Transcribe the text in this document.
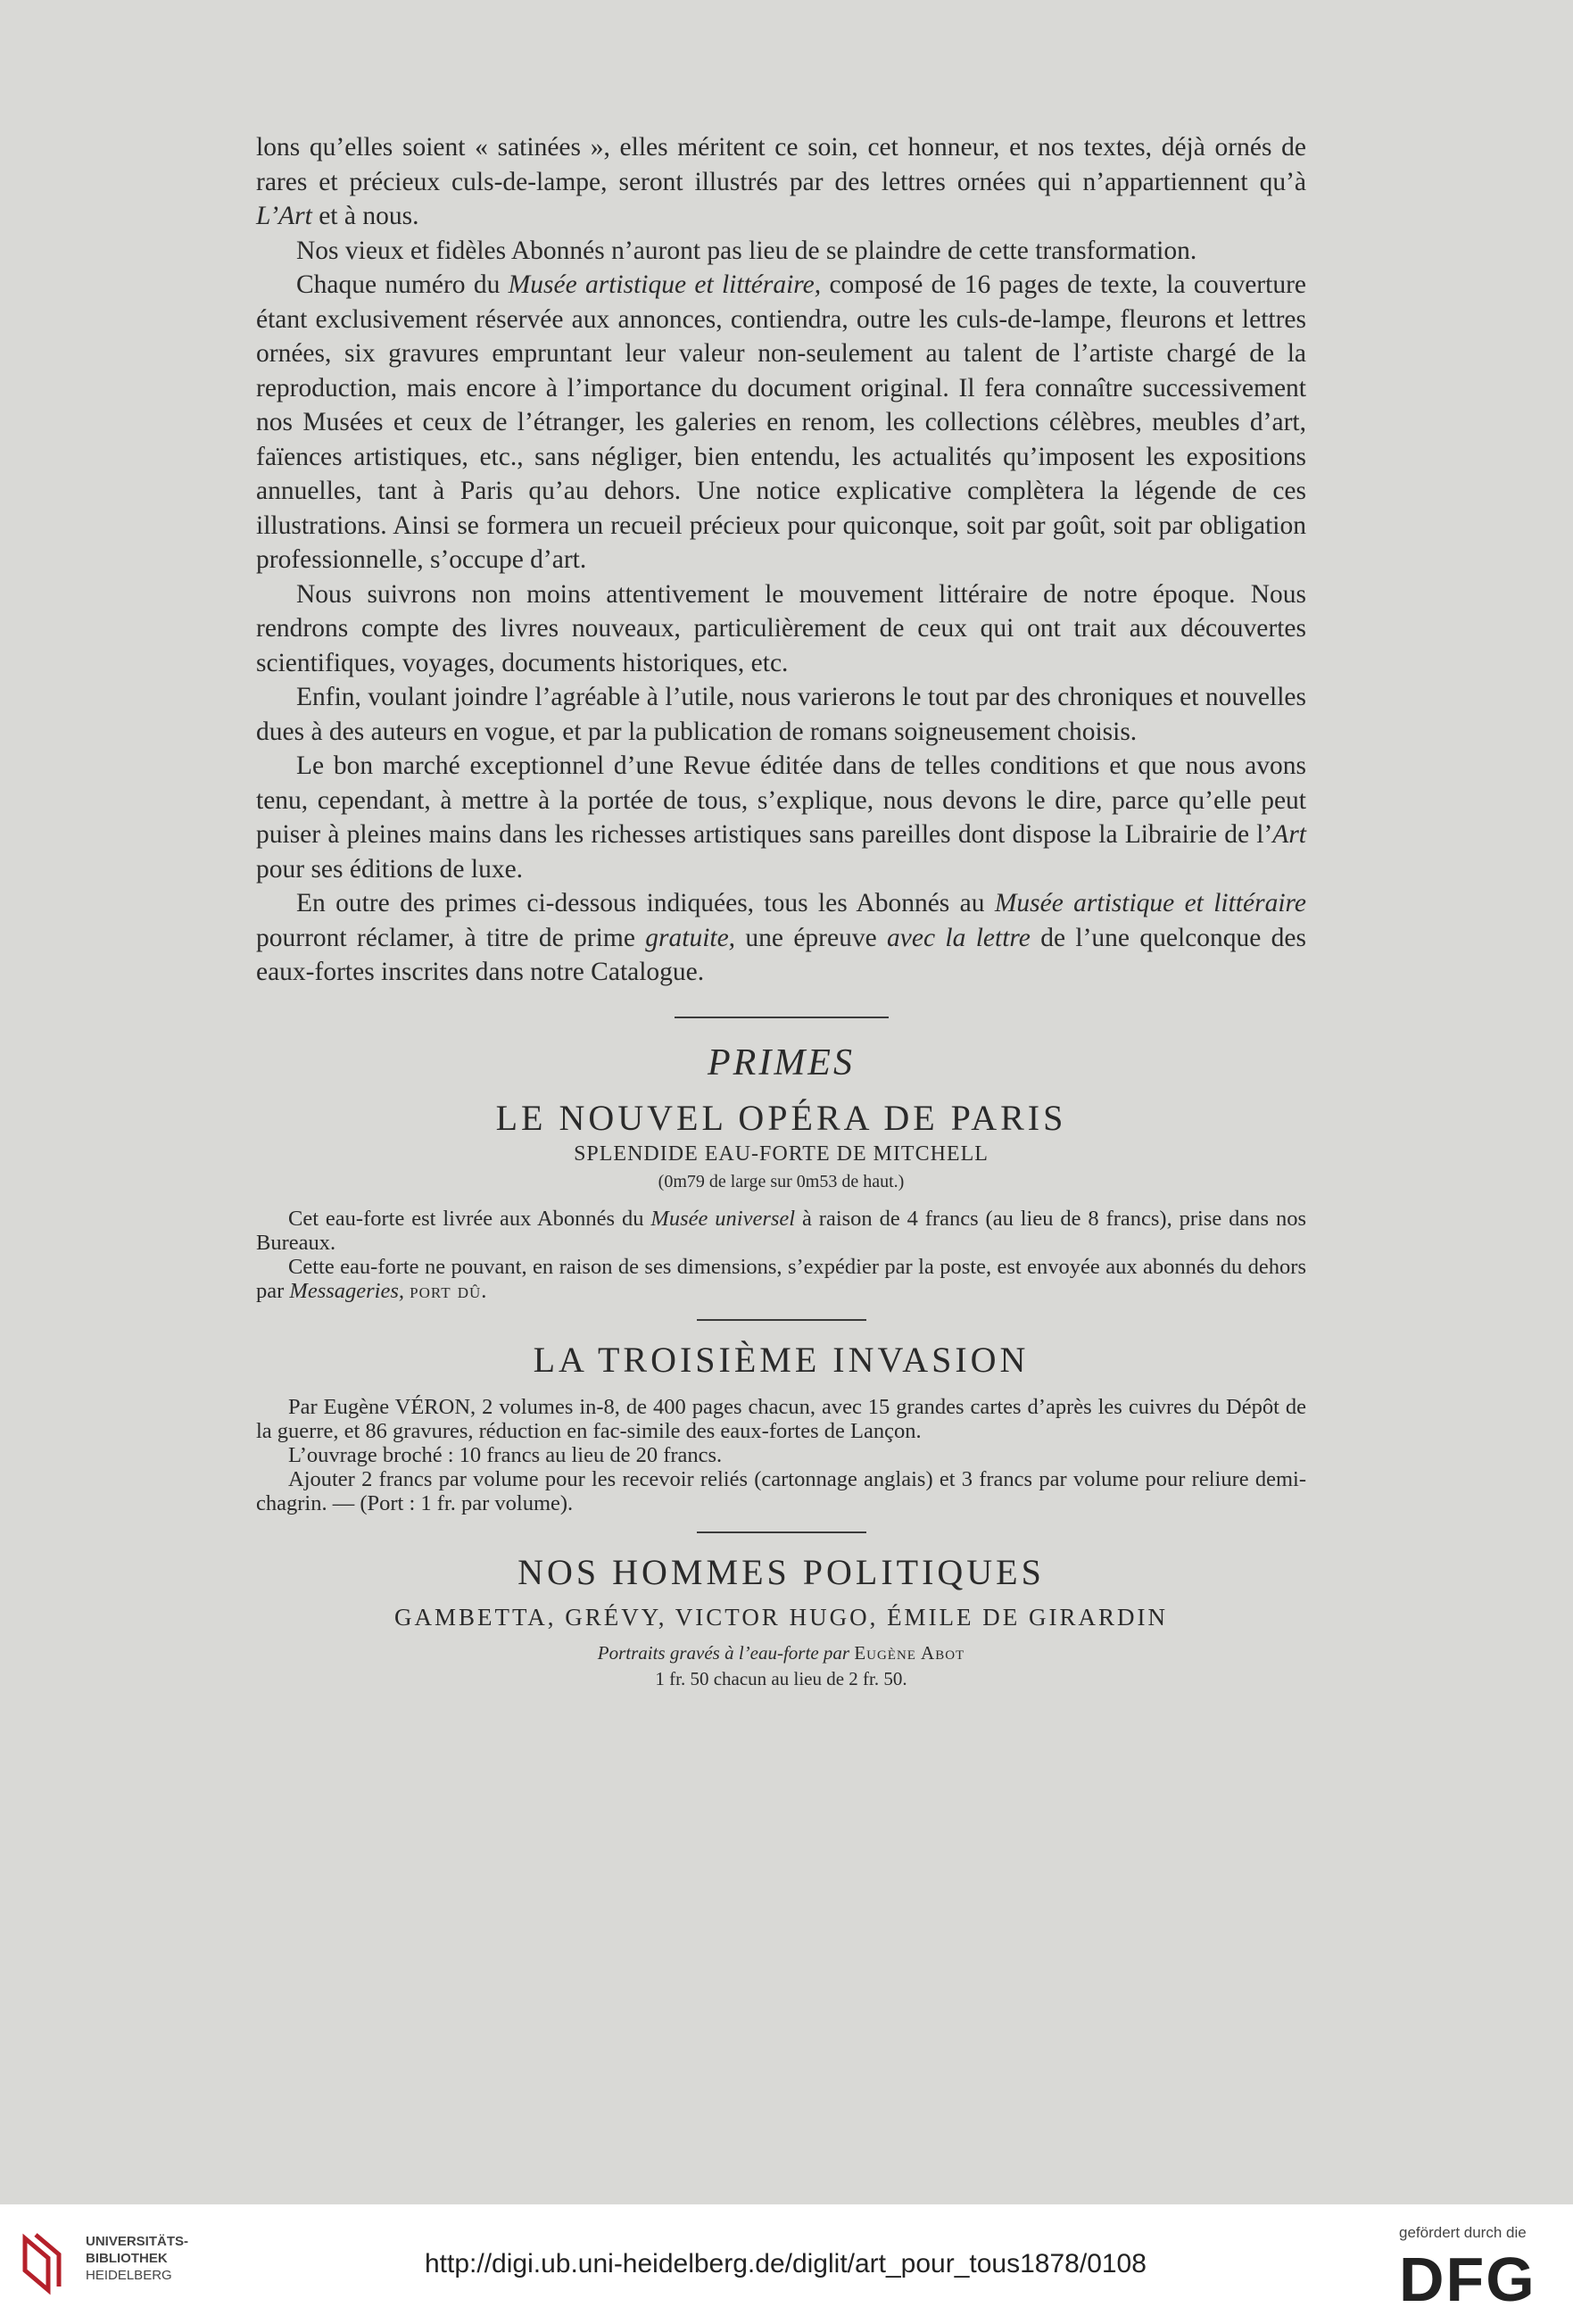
lons qu’elles soient « satinées », elles méritent ce soin, cet honneur, et nos textes, déjà ornés de rares et précieux culs-de-lampe, seront illustrés par des lettres ornées qui n’appartiennent qu’à L’Art et à nous.

Nos vieux et fidèles Abonnés n’auront pas lieu de se plaindre de cette transformation.

Chaque numéro du Musée artistique et littéraire, composé de 16 pages de texte, la couverture étant exclusivement réservée aux annonces, contiendra, outre les culs-de-lampe, fleurons et lettres ornées, six gravures empruntant leur valeur non-seulement au talent de l’artiste chargé de la reproduction, mais encore à l’importance du document original. Il fera connaître successivement nos Musées et ceux de l’étranger, les galeries en renom, les collections célèbres, meubles d’art, faïences artistiques, etc., sans négliger, bien entendu, les actualités qu’imposent les expositions annuelles, tant à Paris qu’au dehors. Une notice explicative complètera la légende de ces illustrations. Ainsi se formera un recueil précieux pour quiconque, soit par goût, soit par obligation professionnelle, s’occupe d’art.

Nous suivrons non moins attentivement le mouvement littéraire de notre époque. Nous rendrons compte des livres nouveaux, particulièrement de ceux qui ont trait aux découvertes scientifiques, voyages, documents historiques, etc.

Enfin, voulant joindre l’agréable à l’utile, nous varierons le tout par des chroniques et nouvelles dues à des auteurs en vogue, et par la publication de romans soigneusement choisis.

Le bon marché exceptionnel d’une Revue éditée dans de telles conditions et que nous avons tenu, cependant, à mettre à la portée de tous, s’explique, nous devons le dire, parce qu’elle peut puiser à pleines mains dans les richesses artistiques sans pareilles dont dispose la Librairie de l’Art pour ses éditions de luxe.

En outre des primes ci-dessous indiquées, tous les Abonnés au Musée artistique et littéraire pourront réclamer, à titre de prime gratuite, une épreuve avec la lettre de l’une quelconque des eaux-fortes inscrites dans notre Catalogue.

PRIMES

LE NOUVEL OPÉRA DE PARIS

SPLENDIDE EAU-FORTE DE MITCHELL

(0m79 de large sur 0m53 de haut.)

Cet eau-forte est livrée aux Abonnés du Musée universel à raison de 4 francs (au lieu de 8 francs), prise dans nos Bureaux.

Cette eau-forte ne pouvant, en raison de ses dimensions, s’expédier par la poste, est envoyée aux abonnés du dehors par Messageries, port dû.

LA TROISIÈME INVASION

Par Eugène VÉRON, 2 volumes in-8, de 400 pages chacun, avec 15 grandes cartes d’après les cuivres du Dépôt de la guerre, et 86 gravures, réduction en fac-simile des eaux-fortes de Lançon.

L’ouvrage broché : 10 francs au lieu de 20 francs.

Ajouter 2 francs par volume pour les recevoir reliés (cartonnage anglais) et 3 francs par volume pour reliure demi-chagrin. — (Port : 1 fr. par volume).

NOS HOMMES POLITIQUES

GAMBETTA, GRÉVY, VICTOR HUGO, ÉMILE DE GIRARDIN

Portraits gravés à l’eau-forte par Eugène Abot

1 fr. 50 chacun au lieu de 2 fr. 50.

UNIVERSITÄTS-
BIBLIOTHEK
HEIDELBERG	http://digi.ub.uni-heidelberg.de/diglit/art_pour_tous1878/0108
gefördert durch die
DFG
